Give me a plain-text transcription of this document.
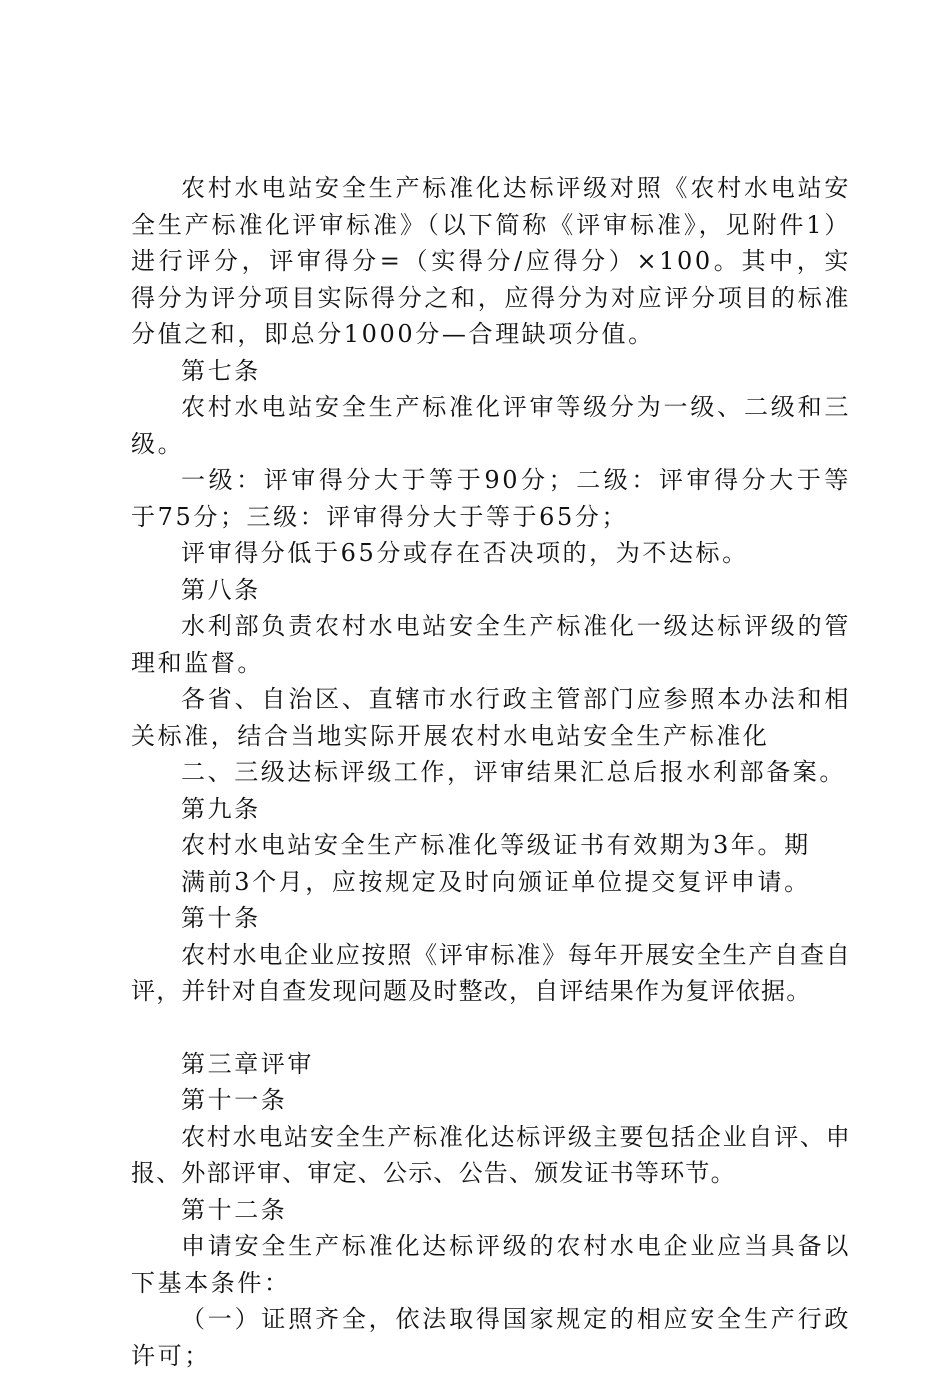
农村水电站安全生产标准化达标评级对照《农村水电站安全生产标准化评审标准》（以下简称《评审标准》，见附件1）进行评分，评审得分=（实得分/应得分）×100。其中，实得分为评分项目实际得分之和，应得分为对应评分项目的标准分值之和，即总分1000分—合理缺项分值。

第七条

农村水电站安全生产标准化评审等级分为一级、二级和三级。

一级：评审得分大于等于90分；二级：评审得分大于等于75分；三级：评审得分大于等于65分；

评审得分低于65分或存在否决项的，为不达标。

第八条

水利部负责农村水电站安全生产标准化一级达标评级的管理和监督。

各省、自治区、直辖市水行政主管部门应参照本办法和相关标准，结合当地实际开展农村水电站安全生产标准化

二、三级达标评级工作，评审结果汇总后报水利部备案。

第九条

农村水电站安全生产标准化等级证书有效期为3年。期

满前3个月，应按规定及时向颁证单位提交复评申请。

第十条

农村水电企业应按照《评审标准》每年开展安全生产自查自评，并针对自查发现问题及时整改，自评结果作为复评依据。

第三章评审

第十一条

农村水电站安全生产标准化达标评级主要包括企业自评、申报、外部评审、审定、公示、公告、颁发证书等环节。

第十二条

申请安全生产标准化达标评级的农村水电企业应当具备以下基本条件：

（一）证照齐全，依法取得国家规定的相应安全生产行政许可；
